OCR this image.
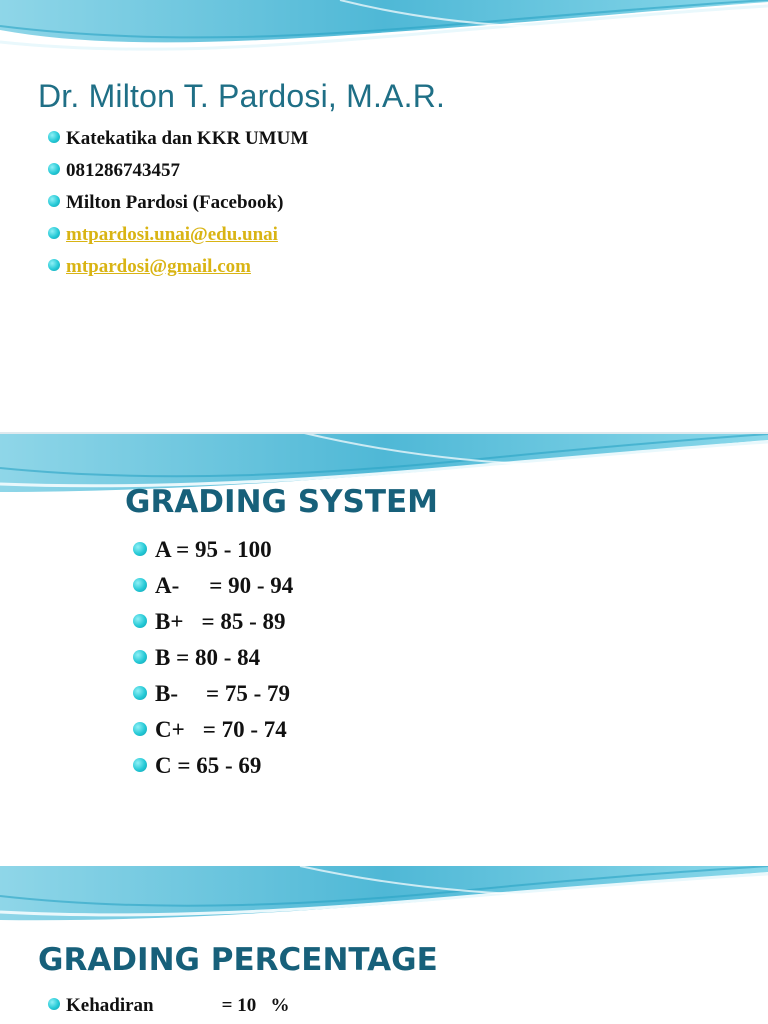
Dr. Milton T. Pardosi, M.A.R.
Katekatika dan KKR UMUM
081286743457
Milton Pardosi (Facebook)
mtpardosi.unai@edu.unai
mtpardosi@gmail.com
GRADING SYSTEM
A = 95 - 100
A- = 90 - 94
B+ = 85 - 89
B = 80 - 84
B- = 75 - 79
C+ = 70 - 74
C = 65 - 69
GRADING PERCENTAGE
Kehadiran	= 10   %
